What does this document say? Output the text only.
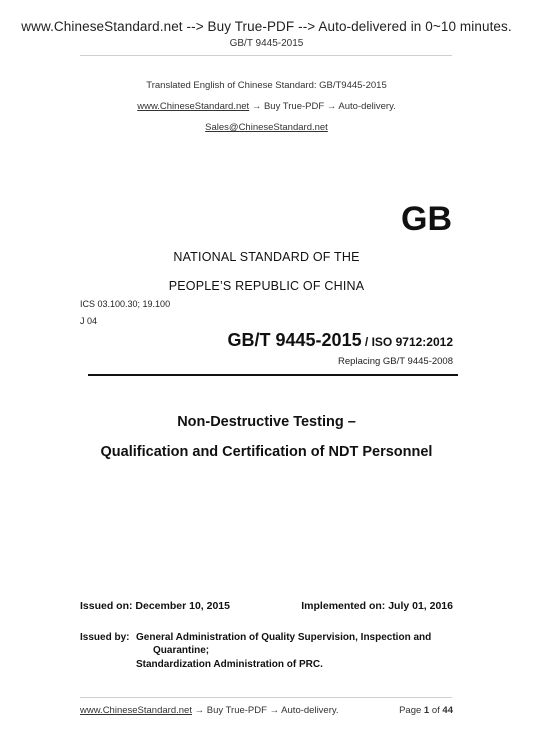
www.ChineseStandard.net --> Buy True-PDF --> Auto-delivered in 0~10 minutes.
GB/T 9445-2015
Translated English of Chinese Standard: GB/T9445-2015
www.ChineseStandard.net → Buy True-PDF → Auto-delivery.
Sales@ChineseStandard.net
GB
NATIONAL STANDARD OF THE
PEOPLE’S REPUBLIC OF CHINA
ICS 03.100.30; 19.100
J 04
GB/T 9445-2015 / ISO 9712:2012
Replacing GB/T 9445-2008
Non-Destructive Testing –
Qualification and Certification of NDT Personnel
Issued on: December 10, 2015	Implemented on: July 01, 2016
Issued by: General Administration of Quality Supervision, Inspection and
Quarantine;
Standardization Administration of PRC.
www.ChineseStandard.net → Buy True-PDF → Auto-delivery.	Page 1 of 44
